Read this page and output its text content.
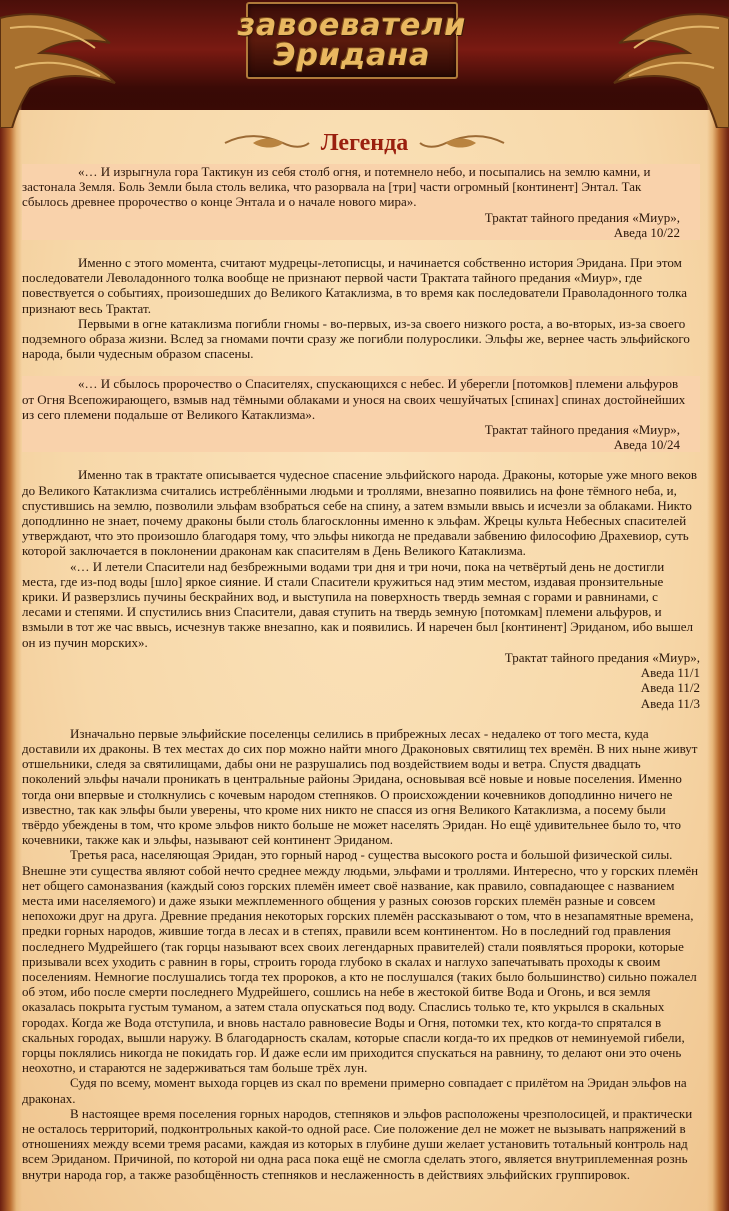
завоеватели
Эридана
Легенда

«… И изрыгнула гора Тактикун из себя столб огня, и потемнело небо, и посыпались на землю камни, и застонала Земля. Боль Земли была столь велика, что разорвала на [три] части огромный [континент] Энтал. Так сбылось древнее пророчество о конце Энтала и о начале нового мира».

Трактат тайного предания «Миур»,

Аведа 10/22

Именно с этого момента, считают мудрецы-летописцы, и начинается собственно история Эридана. При этом последователи Леволадонного толка вообще не признают первой части Трактата тайного предания «Миур», где повествуется о событиях, произошедших до Великого Катаклизма, в то время как последователи Праволадонного толка признают весь Трактат.

Первыми в огне катаклизма погибли гномы - во-первых, из-за своего низкого роста, а во-вторых, из-за своего подземного образа жизни. Вслед за гномами почти сразу же погибли полурослики. Эльфы же, вернее часть эльфийского народа, были чудесным образом спасены.

«… И сбылось пророчество о Спасителях, спускающихся с небес. И уберегли [потомков] племени альфуров от Огня Всепожирающего, взмыв над тёмными облаками и унося на своих чешуйчатых [спинах] спинах достойнейших из сего племени подальше от Великого Катаклизма».

Трактат тайного предания «Миур»,

Аведа 10/24

Именно так в трактате описывается чудесное спасение эльфийского народа. Драконы, которые уже много веков до Великого Катаклизма считались истреблёнными людьми и троллями, внезапно появились на фоне тёмного неба, и, спустившись на землю, позволили эльфам взобраться себе на спину, а затем взмыли ввысь и исчезли за облаками. Никто доподлинно не знает, почему драконы были столь благосклонны именно к эльфам. Жрецы культа Небесных спасителей утверждают, что это произошло благодаря тому, что эльфы никогда не предавали забвению философию Дрaхевиор, суть которой заключается в поклонении драконам как спасителям в День Великого Катаклизма.

«… И летели Спасители над безбрежными водами три дня и три ночи, пока на четвёртый день не достигли места, где из-под воды [шло] яркое сияние. И стали Спасители кружиться над этим местом, издавая пронзительные крики. И разверзлись пучины бескрайних вод, и выступила на поверхность твердь земная с горами и равнинами, с лесами и степями. И спустились вниз Спасители, давая ступить на твердь земную [потомкам] племени альфуров, и взмыли в тот же час ввысь, исчезнув также внезапно, как и появились. И наречен был [континент] Эриданом, ибо вышел он из пучин морских».

Трактат тайного предания «Миур»,

Аведа 11/1

Аведа 11/2

Аведа 11/3

Изначально первые эльфийские поселенцы селились в прибрежных лесах - недалеко от того места, куда доставили их драконы. В тех местах до сих пор можно найти много Драконовых святилищ тех времён. В них ныне живут отшельники, следя за святилищами, дабы они не разрушались под воздействием воды и ветра. Спустя двадцать поколений эльфы начали проникать в центральные районы Эридана, основывая всё новые и новые поселения. Именно тогда они впервые и столкнулись с кочевым народом степняков. О происхождении кочевников доподлинно ничего не известно, так как эльфы были уверены, что кроме них никто не спасся из огня Великого Катаклизма, а посему были твёрдо убеждены в том, что кроме эльфов никто больше не может населять Эридан. Но ещё удивительнее было то, что кочевники, также как и эльфы, называют сей континент Эриданом.

Третья раса, населяющая Эридан, это горный народ - существа высокого роста и большой физической силы. Внешне эти существа являют собой нечто среднее между людьми, эльфами и троллями. Интересно, что у горских племён нет общего самоназвания (каждый союз горских племён имеет своё название, как правило, совпадающее с названием места ими населяемого) и даже языки межплеменного общения у разных союзов горских племён разные и совсем непохожи друг на друга. Древние предания некоторых горских племён рассказывают о том, что в незапамятные времена, предки горных народов, жившие тогда в лесах и в степях, правили всем континентом. Но в последний год правления последнего Мудрейшего (так горцы называют всех своих легендарных правителей) стали появляться пророки, которые призывали всех уходить с равнин в горы, строить города глубоко в скалах и наглухо запечатывать проходы к своим поселениям. Немногие послушались тогда тех пророков, а кто не послушался (таких было большинство) сильно пожалел об этом, ибо после смерти последнего Мудрейшего, сошлись на небе в жестокой битве Вода и Огонь, и вся земля оказалась покрыта густым туманом, а затем стала опускаться под воду. Спаслись только те, кто укрылся в скальных городах. Когда же Вода отступила, и вновь настало равновесие Воды и Огня, потомки тех, кто когда-то спрятался в скальных городах, вышли наружу. В благодарность скалам, которые спасли когда-то их предков от неминуемой гибели, горцы поклялись никогда не покидать гор. И даже если им приходится спускаться на равнину, то делают они это очень неохотно, и стараются не задерживаться там больше трёх лун.

Судя по всему, момент выхода горцев из скал по времени примерно совпадает с прилётом на Эридан эльфов на драконах.

В настоящее время поселения горных народов, степняков и эльфов расположены чрезполосицей, и практически не осталось территорий, подконтрольных какой-то одной расе. Сие положение дел не может не вызывать напряжений в отношениях между всеми тремя расами, каждая из которых в глубине души желает установить тотальный контроль над всем Эриданом. Причиной, по которой ни одна раса пока ещё не смогла сделать этого, является внутриплеменная рознь внутри народа гор, а также разобщённость степняков и неслаженность в действиях эльфийских группировок.
